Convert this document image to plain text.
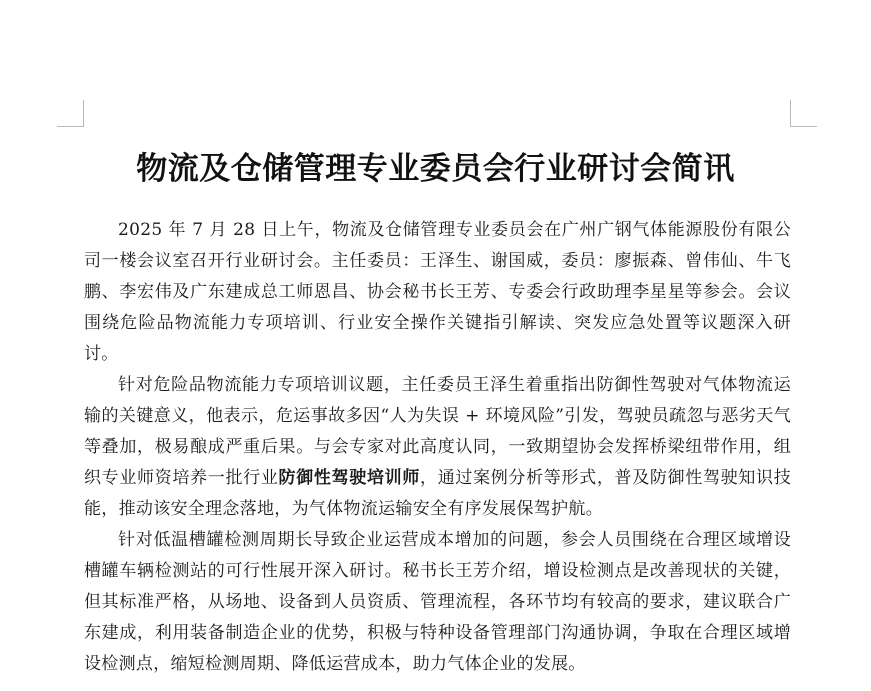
物流及仓储管理专业委员会行业研讨会简讯

2025 年 7 月 28 日上午，物流及仓储管理专业委员会在广州广钢气体能源股份有限公司一楼会议室召开行业研讨会。主任委员：王泽生、谢国威，委员：廖振森、曾伟仙、牛飞鹏、李宏伟及广东建成总工师恩昌、协会秘书长王芳、专委会行政助理李星星等参会。会议围绕危险品物流能力专项培训、行业安全操作关键指引解读、突发应急处置等议题深入研讨。

针对危险品物流能力专项培训议题，主任委员王泽生着重指出防御性驾驶对气体物流运输的关键意义，他表示，危运事故多因“人为失误 + 环境风险”引发，驾驶员疏忽与恶劣天气等叠加，极易酿成严重后果。与会专家对此高度认同，一致期望协会发挥桥梁纽带作用，组织专业师资培养一批行业防御性驾驶培训师，通过案例分析等形式，普及防御性驾驶知识技能，推动该安全理念落地，为气体物流运输安全有序发展保驾护航。

针对低温槽罐检测周期长导致企业运营成本增加的问题，参会人员围绕在合理区域增设槽罐车辆检测站的可行性展开深入研讨。秘书长王芳介绍，增设检测点是改善现状的关键，但其标准严格，从场地、设备到人员资质、管理流程，各环节均有较高的要求，建议联合广东建成，利用装备制造企业的优势，积极与特种设备管理部门沟通协调，争取在合理区域增设检测点，缩短检测周期、降低运营成本，助力气体企业的发展。
